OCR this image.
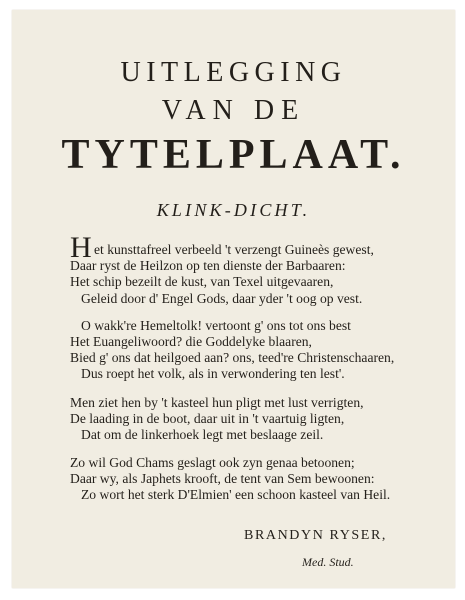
UITLEGGING
VAN DE
TYTELPLAAT.
KLINK-DICHT.
H et kunsttafreel verbeeld 't verzengt Guineès gewest,
Daar ryst de Heilzon op ten dienste der Barbaaren:
Het schip bezeilt de kust, van Texel uitgevaaren,
Geleid door d' Engel Gods, daar yder 't oog op vest.
O wakk're Hemeltolk! vertoont g' ons tot ons best
Het Euangeliwoord? die Goddelyke blaaren,
Bied g' ons dat heilgoed aan? ons, teed're Christenschaaren,
Dus roept het volk, als in verwondering ten lest'.
Men ziet hen by 't kasteel hun pligt met lust verrigten,
De laading in de boot, daar uit in 't vaartuig ligten,
Dat om de linkerhoek legt met beslaage zeil.
Zo wil God Chams geslagt ook zyn genaa betoonen;
Daar wy, als Japhets krooft, de tent van Sem bewoonen:
Zo wort het sterk D'Elmien' een schoon kasteel van Heil.
BRANDYN RYSER,
Med. Stud.
